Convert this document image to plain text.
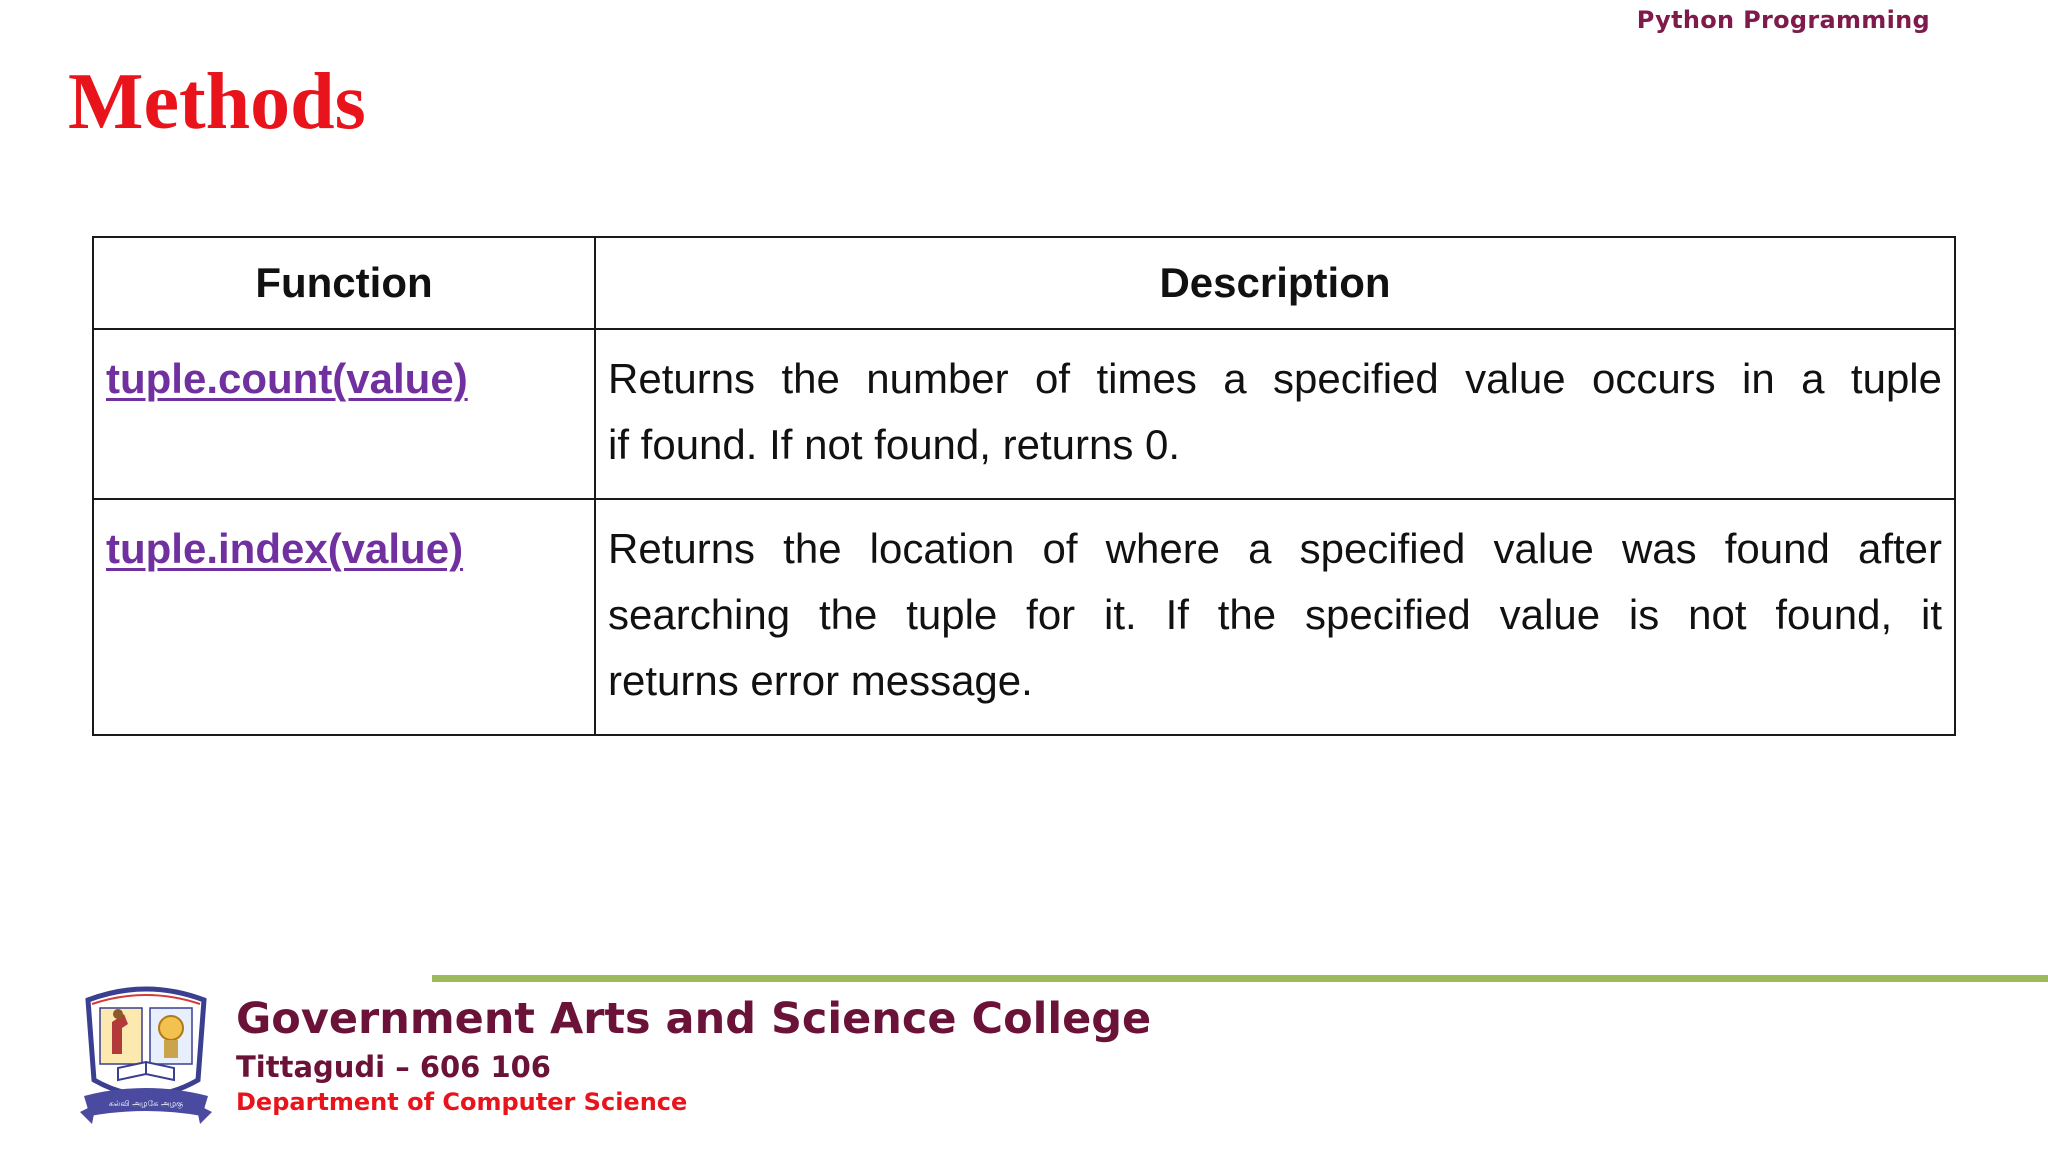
Python Programming
Methods
Function	Description
tuple.count(value)	Returns the number of times a specified value occurs in a tuple
if found. If not found, returns 0.

tuple.index(value)	Returns the location of where a specified value was found after
searching the tuple for it. If the specified value is not found, it
returns error message.
கல்வி அழகே அழகு
Government Arts and Science College
Tittagudi – 606 106
Department of Computer Science
